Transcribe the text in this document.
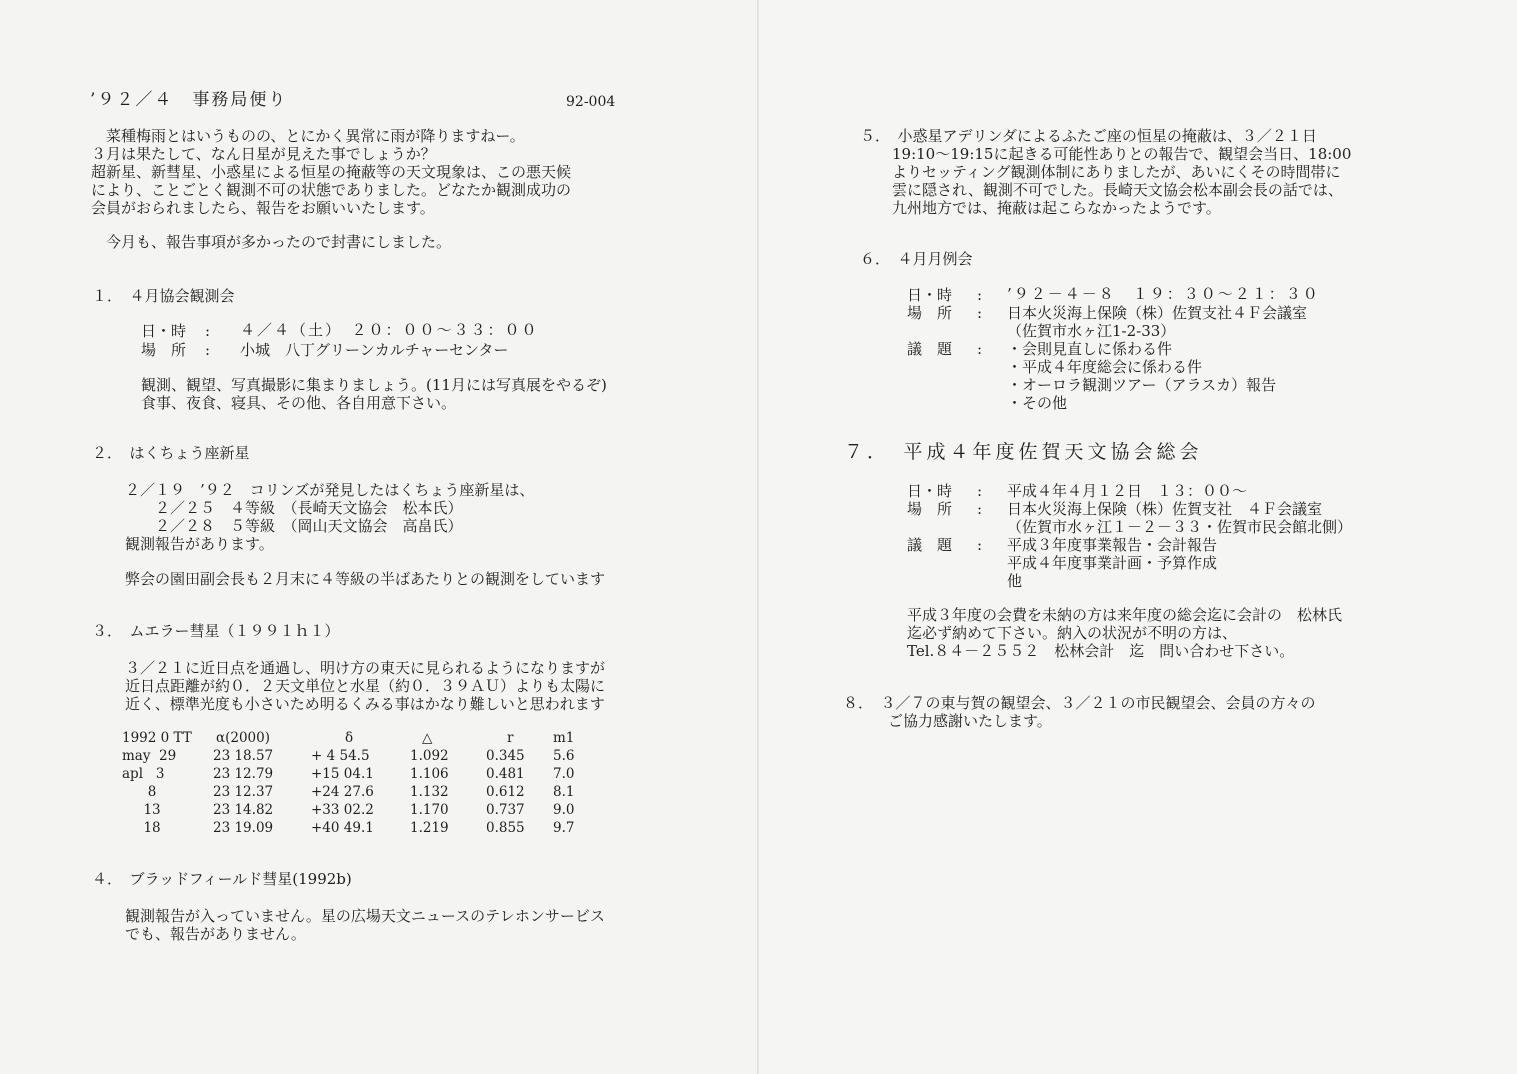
’９２／４　事務局便り	92-004
　菜種梅雨とはいうものの、とにかく異常に雨が降りますねー。
３月は果たして、なん日星が見えた事でしょうか？
超新星、新彗星、小惑星による恒星の掩蔽等の天文現象は、この悪天候
により、ことごとく観測不可の状態でありました。どなたか観測成功の
会員がおられましたら、報告をお願いいたします。
　今月も、報告事項が多かったので封書にしました。
１．　４月協会観測会
日・時 : ４／４（土）　２０：００～３３：００
場　所 : 小城　八丁グリーンカルチャーセンター
観測、観望、写真撮影に集まりましょう。(11月には写真展をやるぞ)
食事、夜食、寝具、その他、各自用意下さい。
２．　はくちょう座新星
２／１９　’９２　コリンズが発見したはくちょう座新星は、
　　２／２５　４等級　（長崎天文協会　松本氏）
　　２／２８　５等級　（岡山天文協会　高畠氏）
観測報告があります。
弊会の園田副会長も２月末に４等級の半ばあたりとの観測をしています
３．　ムエラー彗星（１９９１ｈ１）
３／２１に近日点を通過し、明け方の東天に見られるようになりますが
近日点距離が約０．２天文単位と水星（約０．３９ＡＵ）よりも太陽に
近く、標準光度も小さいため明るくみる事はかなり難しいと思われます
1992 0 TT α(2000)	δ	△	r	m1
may  29	23 18.57	+ 4 54.5	1.092	0.345 5.6
apl   3	23 12.79	+15 04.1	1.106	0.481 7.0
8	23 12.37	+24 27.6	1.132	0.612 8.1
13	23 14.82	+33 02.2	1.170	0.737 9.0
18	23 19.09	+40 49.1	1.219	0.855 9.7
４．　ブラッドフィールド彗星(1992b)
観測報告が入っていません。星の広場天文ニュースのテレホンサービス
でも、報告がありません。
５．　小惑星アデリンダによるふたご座の恒星の掩蔽は、３／２１日
19:10～19:15に起きる可能性ありとの報告で、観望会当日、18:00
よりセッティング観測体制にありましたが、あいにくその時間帯に
雲に隠され、観測不可でした。長崎天文協会松本副会長の話では、
九州地方では、掩蔽は起こらなかったようです。
６．　４月月例会
日・時 : ’９２－４－８　１９：３０～２１：３０
場　所 : 日本火災海上保険（株）佐賀支社４Ｆ会議室
（佐賀市水ヶ江1-2-33）
議　題 : ・会則見直しに係わる件
・平成４年度総会に係わる件
・オーロラ観測ツアー（アラスカ）報告
・その他
７．　平成４年度佐賀天文協会総会
日・時 : 平成４年４月１２日　１３：００～
場　所 : 日本火災海上保険（株）佐賀支社　４Ｆ会議室
（佐賀市水ヶ江１－２－３３・佐賀市民会館北側）
議　題 : 平成３年度事業報告・会計報告
平成４年度事業計画・予算作成
他
平成３年度の会費を未納の方は来年度の総会迄に会計の　松林氏
迄必ず納めて下さい。納入の状況が不明の方は、
Tel.８４－２５５２　松林会計　迄　問い合わせ下さい。
８．　３／７の東与賀の観望会、３／２１の市民観望会、会員の方々の
　　　ご協力感謝いたします。
